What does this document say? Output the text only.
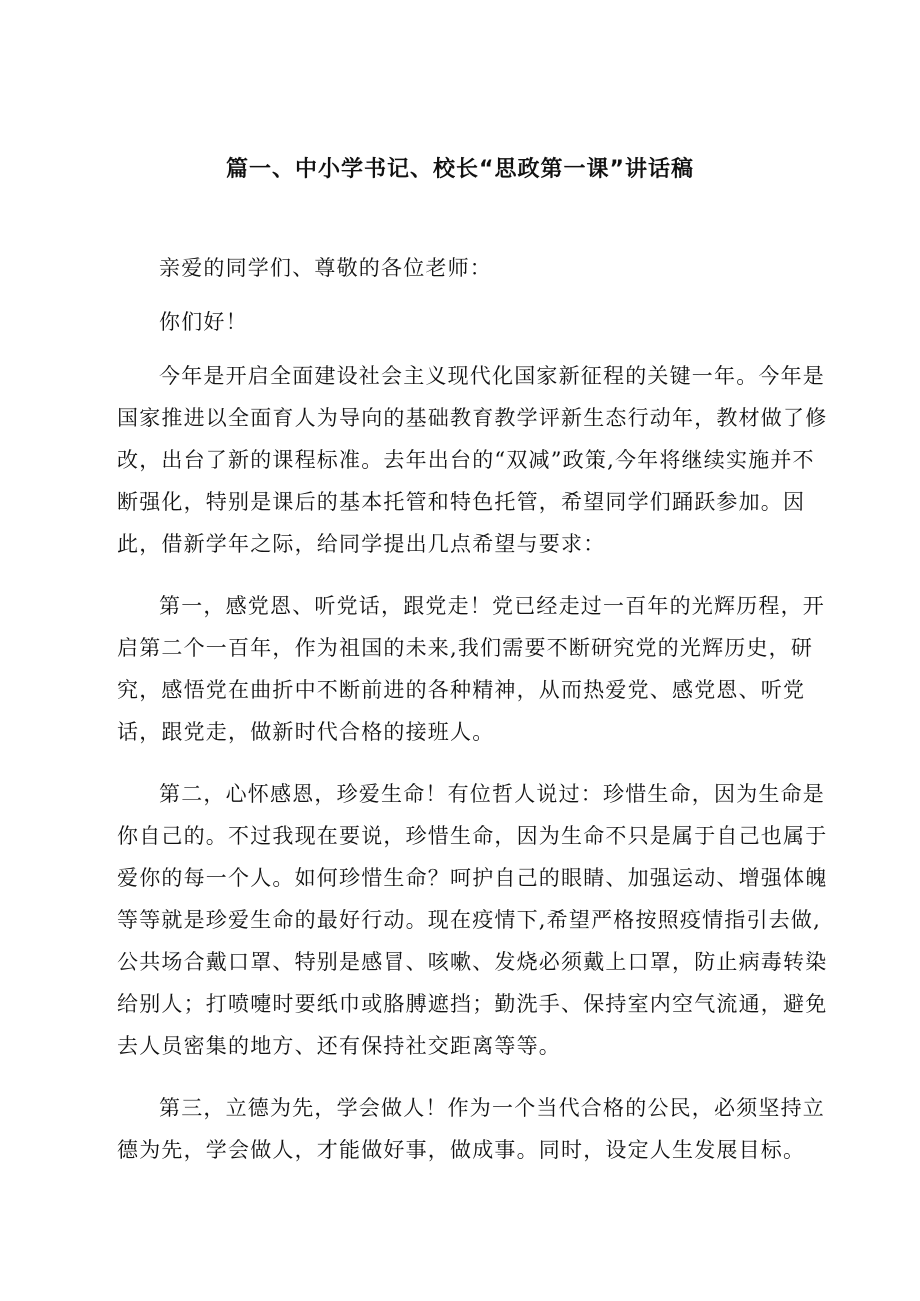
篇一、中小学书记、校长“思政第一课”讲话稿

亲爱的同学们、尊敬的各位老师：

你们好！

今年是开启全面建设社会主义现代化国家新征程的关键一年。今年是国家推进以全面育人为导向的基础教育教学评新生态行动年，教材做了修改，出台了新的课程标准。去年出台的“双减”政策,今年将继续实施并不断强化，特别是课后的基本托管和特色托管，希望同学们踊跃参加。因此，借新学年之际，给同学提出几点希望与要求：

第一，感党恩、听党话，跟党走！党已经走过一百年的光辉历程，开启第二个一百年，作为祖国的未来,我们需要不断研究党的光辉历史，研究，感悟党在曲折中不断前进的各种精神，从而热爱党、感党恩、听党话，跟党走，做新时代合格的接班人。

第二，心怀感恩，珍爱生命！有位哲人说过：珍惜生命，因为生命是你自己的。不过我现在要说，珍惜生命，因为生命不只是属于自己也属于爱你的每一个人。如何珍惜生命？呵护自己的眼睛、加强运动、增强体魄等等就是珍爱生命的最好行动。现在疫情下,希望严格按照疫情指引去做,公共场合戴口罩、特别是感冒、咳嗽、发烧必须戴上口罩，防止病毒转染给别人；打喷嚏时要纸巾或胳膊遮挡；勤洗手、保持室内空气流通，避免去人员密集的地方、还有保持社交距离等等。

第三，立德为先，学会做人！作为一个当代合格的公民，必须坚持立德为先，学会做人，才能做好事，做成事。同时，设定人生发展目标。
